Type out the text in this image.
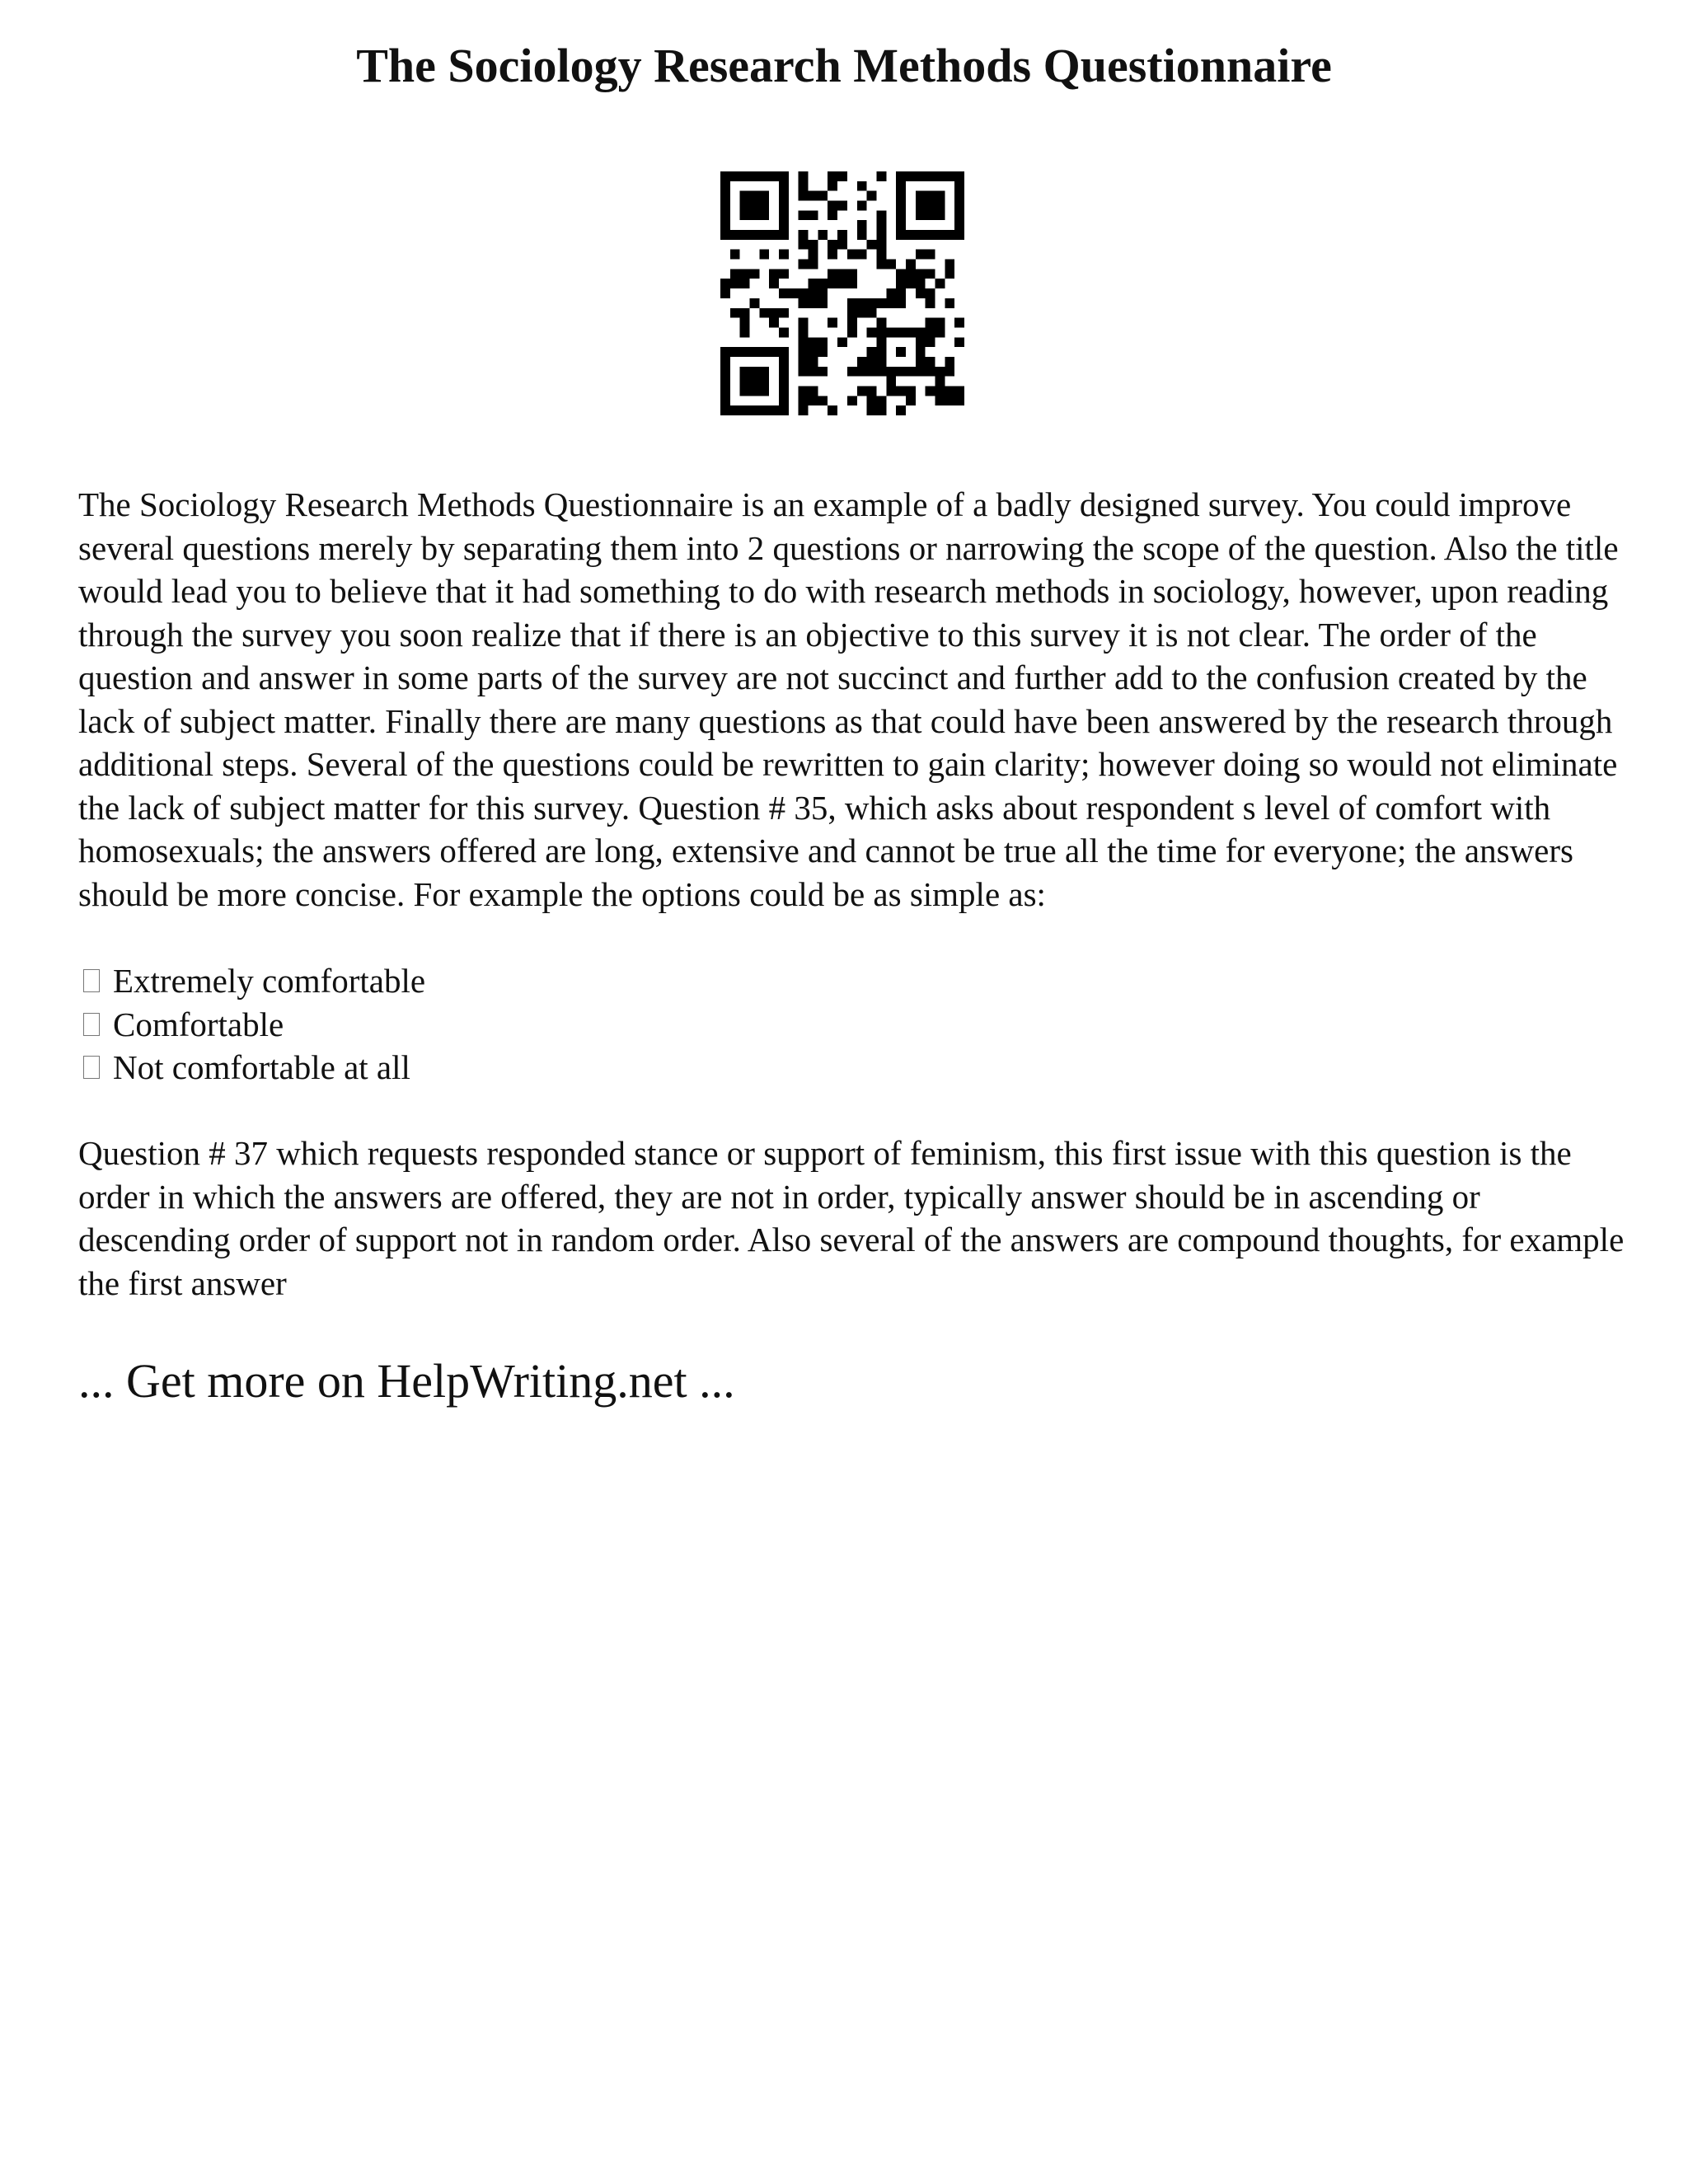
The Sociology Research Methods Questionnaire

The Sociology Research Methods Questionnaire is an example of a badly designed survey. You could improve several questions merely by separating them into 2 questions or narrowing the scope of the question. Also the title would lead you to believe that it had something to do with research methods in sociology, however, upon reading through the survey you soon realize that if there is an objective to this survey it is not clear. The order of the question and answer in some parts of the survey are not succinct and further add to the confusion created by the lack of subject matter. Finally there are many questions as that could have been answered by the research through additional steps. Several of the questions could be rewritten to gain clarity; however doing so would not eliminate the lack of subject matter for this survey. Question # 35, which asks about respondent s level of comfort with homosexuals; the answers offered are long, extensive and cannot be true all the time for everyone; the answers should be more concise. For example the options could be as simple as:

Extremely comfortable
Comfortable
Not comfortable at all

Question # 37 which requests responded stance or support of feminism, this first issue with this question is the order in which the answers are offered, they are not in order, typically answer should be in ascending or descending order of support not in random order. Also several of the answers are compound thoughts, for example the first answer

... Get more on HelpWriting.net ...
